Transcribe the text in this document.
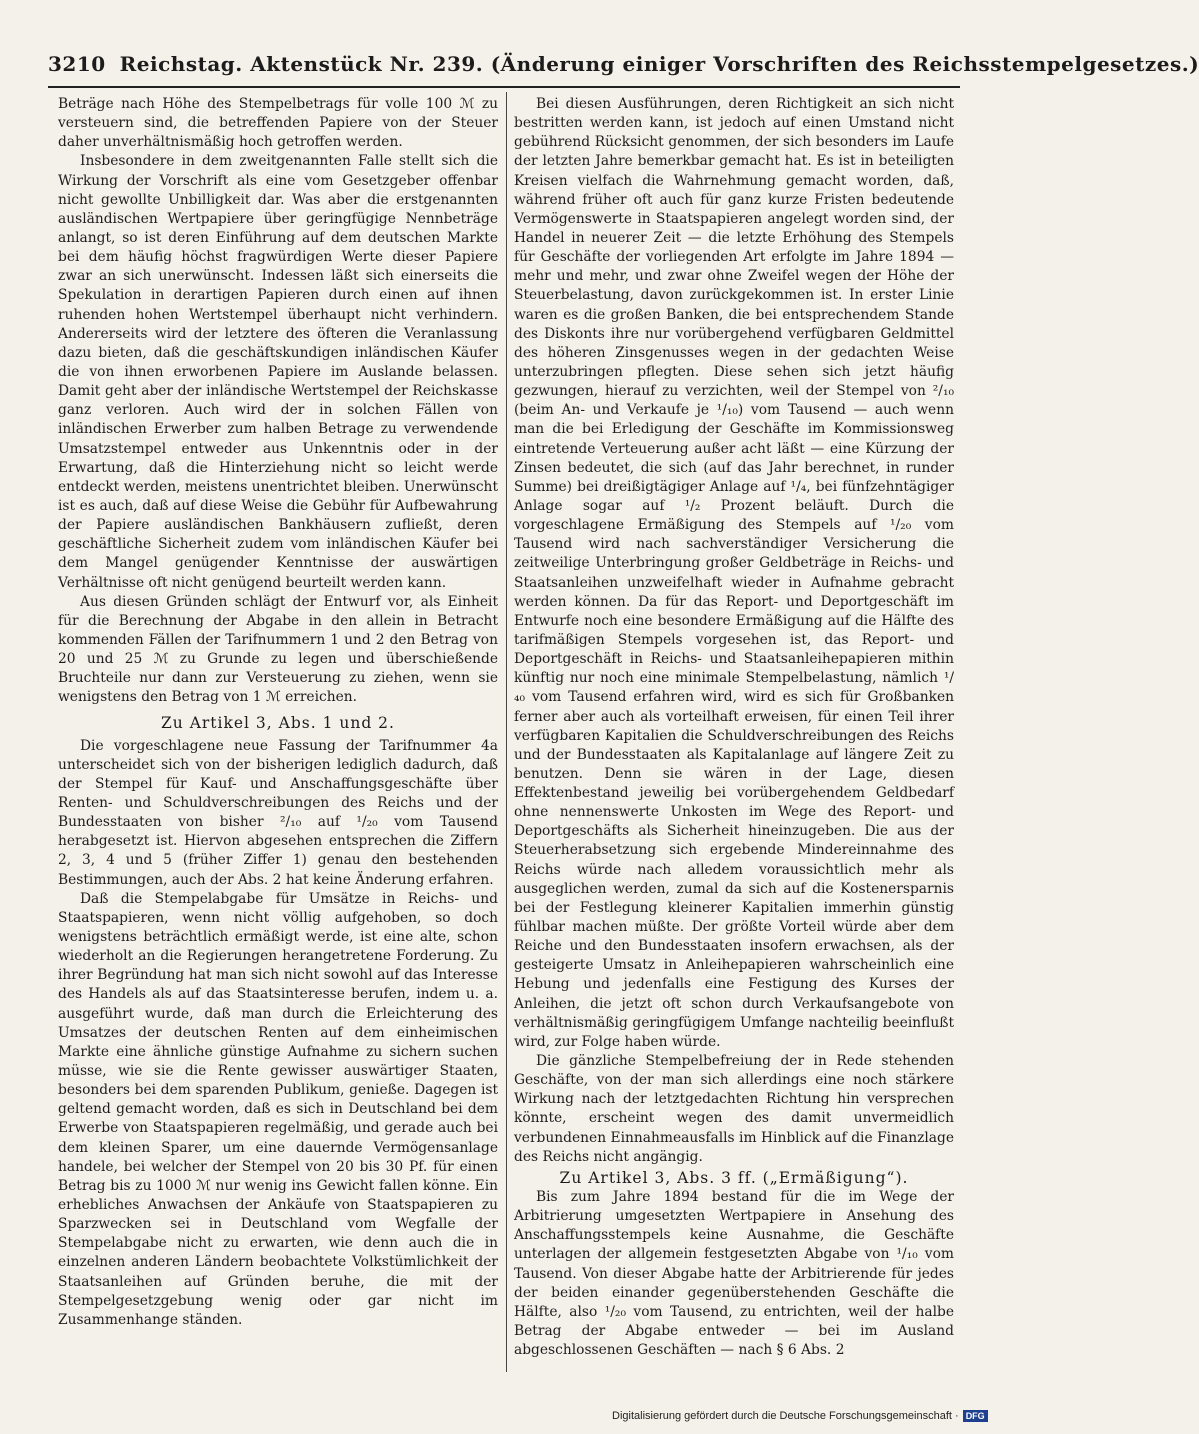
3210 Reichstag. Aktenstück Nr. 239. (Änderung einiger Vorschriften des Reichsstempelgesetzes.)

Beträge nach Höhe des Stempelbetrags für volle 100 ℳ zu versteuern sind, die betreffenden Papiere von der Steuer daher unverhältnismäßig hoch getroffen werden.

Insbesondere in dem zweitgenannten Falle stellt sich die Wirkung der Vorschrift als eine vom Gesetzgeber offenbar nicht gewollte Unbilligkeit dar. Was aber die erstgenannten ausländischen Wertpapiere über geringfügige Nennbeträge anlangt, so ist deren Einführung auf dem deutschen Markte bei dem häufig höchst fragwürdigen Werte dieser Papiere zwar an sich unerwünscht. Indessen läßt sich einerseits die Spekulation in derartigen Papieren durch einen auf ihnen ruhenden hohen Wertstempel überhaupt nicht verhindern. Andererseits wird der letztere des öfteren die Veranlassung dazu bieten, daß die geschäftskundigen inländischen Käufer die von ihnen erworbenen Papiere im Auslande belassen. Damit geht aber der inländische Wertstempel der Reichskasse ganz verloren. Auch wird der in solchen Fällen von inländischen Erwerber zum halben Betrage zu verwendende Umsatzstempel entweder aus Unkenntnis oder in der Erwartung, daß die Hinterziehung nicht so leicht werde entdeckt werden, meistens unentrichtet bleiben. Unerwünscht ist es auch, daß auf diese Weise die Gebühr für Aufbewahrung der Papiere ausländischen Bankhäusern zufließt, deren geschäftliche Sicherheit zudem vom inländischen Käufer bei dem Mangel genügender Kenntnisse der auswärtigen Verhältnisse oft nicht genügend beurteilt werden kann.

Aus diesen Gründen schlägt der Entwurf vor, als Einheit für die Berechnung der Abgabe in den allein in Betracht kommenden Fällen der Tarifnummern 1 und 2 den Betrag von 20 und 25 ℳ zu Grunde zu legen und überschießende Bruchteile nur dann zur Versteuerung zu ziehen, wenn sie wenigstens den Betrag von 1 ℳ erreichen.

Zu Artikel 3, Abs. 1 und 2.

Die vorgeschlagene neue Fassung der Tarifnummer 4a unterscheidet sich von der bisherigen lediglich dadurch, daß der Stempel für Kauf- und Anschaffungsgeschäfte über Renten- und Schuldverschreibungen des Reichs und der Bundesstaaten von bisher ²/₁₀ auf ¹/₂₀ vom Tausend herabgesetzt ist. Hiervon abgesehen entsprechen die Ziffern 2, 3, 4 und 5 (früher Ziffer 1) genau den bestehenden Bestimmungen, auch der Abs. 2 hat keine Änderung erfahren.

Daß die Stempelabgabe für Umsätze in Reichs- und Staatspapieren, wenn nicht völlig aufgehoben, so doch wenigstens beträchtlich ermäßigt werde, ist eine alte, schon wiederholt an die Regierungen herangetretene Forderung. Zu ihrer Begründung hat man sich nicht sowohl auf das Interesse des Handels als auf das Staatsinteresse berufen, indem u. a. ausgeführt wurde, daß man durch die Erleichterung des Umsatzes der deutschen Renten auf dem einheimischen Markte eine ähnliche günstige Aufnahme zu sichern suchen müsse, wie sie die Rente gewisser auswärtiger Staaten, besonders bei dem sparenden Publikum, genieße. Dagegen ist geltend gemacht worden, daß es sich in Deutschland bei dem Erwerbe von Staatspapieren regelmäßig, und gerade auch bei dem kleinen Sparer, um eine dauernde Vermögensanlage handele, bei welcher der Stempel von 20 bis 30 Pf. für einen Betrag bis zu 1000 ℳ nur wenig ins Gewicht fallen könne. Ein erhebliches Anwachsen der Ankäufe von Staatspapieren zu Sparzwecken sei in Deutschland vom Wegfalle der Stempelabgabe nicht zu erwarten, wie denn auch die in einzelnen anderen Ländern beobachtete Volkstümlichkeit der Staatsanleihen auf Gründen beruhe, die mit der Stempelgesetzgebung wenig oder gar nicht im Zusammenhange ständen.

Bei diesen Ausführungen, deren Richtigkeit an sich nicht bestritten werden kann, ist jedoch auf einen Umstand nicht gebührend Rücksicht genommen, der sich besonders im Laufe der letzten Jahre bemerkbar gemacht hat. Es ist in beteiligten Kreisen vielfach die Wahrnehmung gemacht worden, daß, während früher oft auch für ganz kurze Fristen bedeutende Vermögenswerte in Staatspapieren angelegt worden sind, der Handel in neuerer Zeit — die letzte Erhöhung des Stempels für Geschäfte der vorliegenden Art erfolgte im Jahre 1894 — mehr und mehr, und zwar ohne Zweifel wegen der Höhe der Steuerbelastung, davon zurückgekommen ist. In erster Linie waren es die großen Banken, die bei entsprechendem Stande des Diskonts ihre nur vorübergehend verfügbaren Geldmittel des höheren Zinsgenusses wegen in der gedachten Weise unterzubringen pflegten. Diese sehen sich jetzt häufig gezwungen, hierauf zu verzichten, weil der Stempel von ²/₁₀ (beim An- und Verkaufe je ¹/₁₀) vom Tausend — auch wenn man die bei Erledigung der Geschäfte im Kommissionsweg eintretende Verteuerung außer acht läßt — eine Kürzung der Zinsen bedeutet, die sich (auf das Jahr berechnet, in runder Summe) bei dreißigtägiger Anlage auf ¹/₄, bei fünfzehntägiger Anlage sogar auf ¹/₂ Prozent beläuft. Durch die vorgeschlagene Ermäßigung des Stempels auf ¹/₂₀ vom Tausend wird nach sachverständiger Versicherung die zeitweilige Unterbringung großer Geldbeträge in Reichs- und Staatsanleihen unzweifelhaft wieder in Aufnahme gebracht werden können. Da für das Report- und Deportgeschäft im Entwurfe noch eine besondere Ermäßigung auf die Hälfte des tarifmäßigen Stempels vorgesehen ist, das Report- und Deportgeschäft in Reichs- und Staatsanleihepapieren mithin künftig nur noch eine minimale Stempelbelastung, nämlich ¹/₄₀ vom Tausend erfahren wird, wird es sich für Großbanken ferner aber auch als vorteilhaft erweisen, für einen Teil ihrer verfügbaren Kapitalien die Schuldverschreibungen des Reichs und der Bundesstaaten als Kapitalanlage auf längere Zeit zu benutzen. Denn sie wären in der Lage, diesen Effektenbestand jeweilig bei vorübergehendem Geldbedarf ohne nennenswerte Unkosten im Wege des Report- und Deportgeschäfts als Sicherheit hineinzugeben. Die aus der Steuerherabsetzung sich ergebende Mindereinnahme des Reichs würde nach alledem voraussichtlich mehr als ausgeglichen werden, zumal da sich auf die Kostenersparnis bei der Festlegung kleinerer Kapitalien immerhin günstig fühlbar machen müßte. Der größte Vorteil würde aber dem Reiche und den Bundesstaaten insofern erwachsen, als der gesteigerte Umsatz in Anleihepapieren wahrscheinlich eine Hebung und jedenfalls eine Festigung des Kurses der Anleihen, die jetzt oft schon durch Verkaufsangebote von verhältnismäßig geringfügigem Umfange nachteilig beeinflußt wird, zur Folge haben würde.

Die gänzliche Stempelbefreiung der in Rede stehenden Geschäfte, von der man sich allerdings eine noch stärkere Wirkung nach der letztgedachten Richtung hin versprechen könnte, erscheint wegen des damit unvermeidlich verbundenen Einnahmeausfalls im Hinblick auf die Finanzlage des Reichs nicht angängig.

Zu Artikel 3, Abs. 3 ff. („Ermäßigung“).

Bis zum Jahre 1894 bestand für die im Wege der Arbitrierung umgesetzten Wertpapiere in Ansehung des Anschaffungsstempels keine Ausnahme, die Geschäfte unterlagen der allgemein festgesetzten Abgabe von ¹/₁₀ vom Tausend. Von dieser Abgabe hatte der Arbitrierende für jedes der beiden einander gegenüberstehenden Geschäfte die Hälfte, also ¹/₂₀ vom Tausend, zu entrichten, weil der halbe Betrag der Abgabe entweder — bei im Ausland abgeschlossenen Geschäften — nach § 6 Abs. 2

Digitalisierung gefördert durch die Deutsche Forschungsgemeinschaft · DFG
